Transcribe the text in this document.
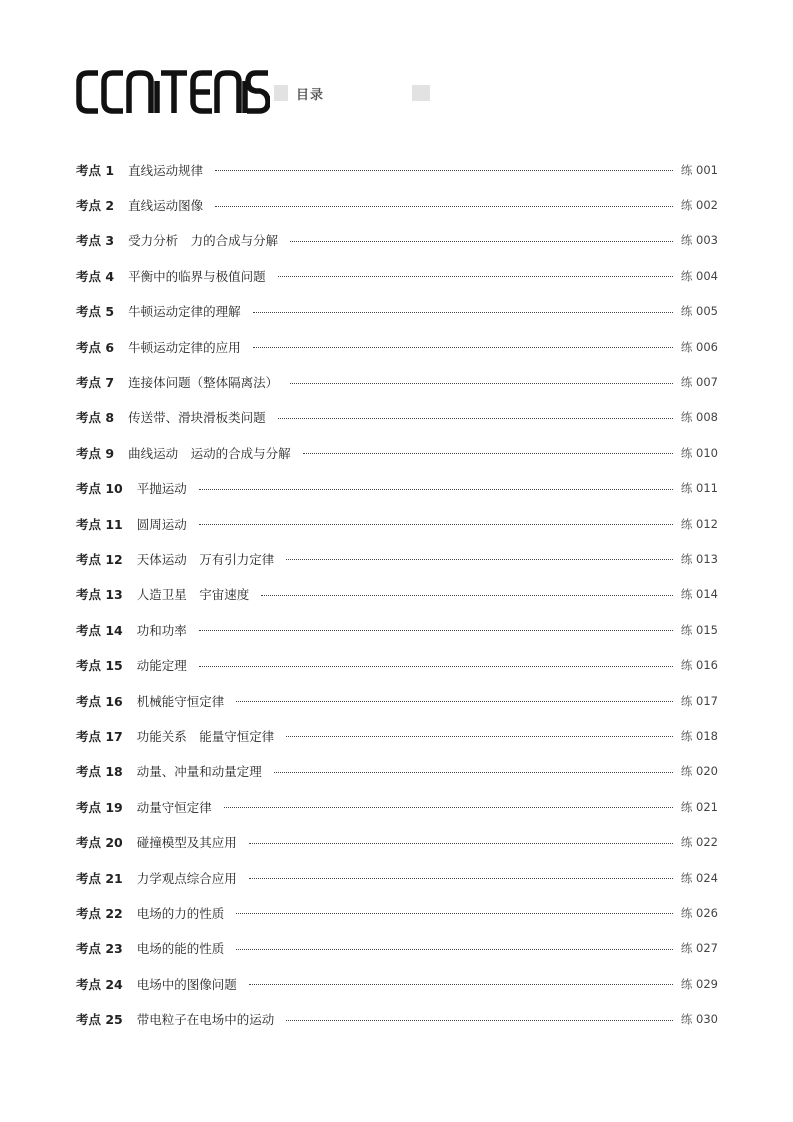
目录
考点 1 直线运动规律	练 001
考点 2 直线运动图像	练 002
考点 3 受力分析　力的合成与分解	练 003
考点 4 平衡中的临界与极值问题	练 004
考点 5 牛顿运动定律的理解	练 005
考点 6 牛顿运动定律的应用	练 006
考点 7 连接体问题（整体隔离法）	练 007
考点 8 传送带、滑块滑板类问题	练 008
考点 9 曲线运动　运动的合成与分解	练 010
考点 10 平抛运动	练 011
考点 11 圆周运动	练 012
考点 12 天体运动　万有引力定律	练 013
考点 13 人造卫星　宇宙速度	练 014
考点 14 功和功率	练 015
考点 15 动能定理	练 016
考点 16 机械能守恒定律	练 017
考点 17 功能关系　能量守恒定律	练 018
考点 18 动量、冲量和动量定理	练 020
考点 19 动量守恒定律	练 021
考点 20 碰撞模型及其应用	练 022
考点 21 力学观点综合应用	练 024
考点 22 电场的力的性质	练 026
考点 23 电场的能的性质	练 027
考点 24 电场中的图像问题	练 029
考点 25 带电粒子在电场中的运动	练 030
